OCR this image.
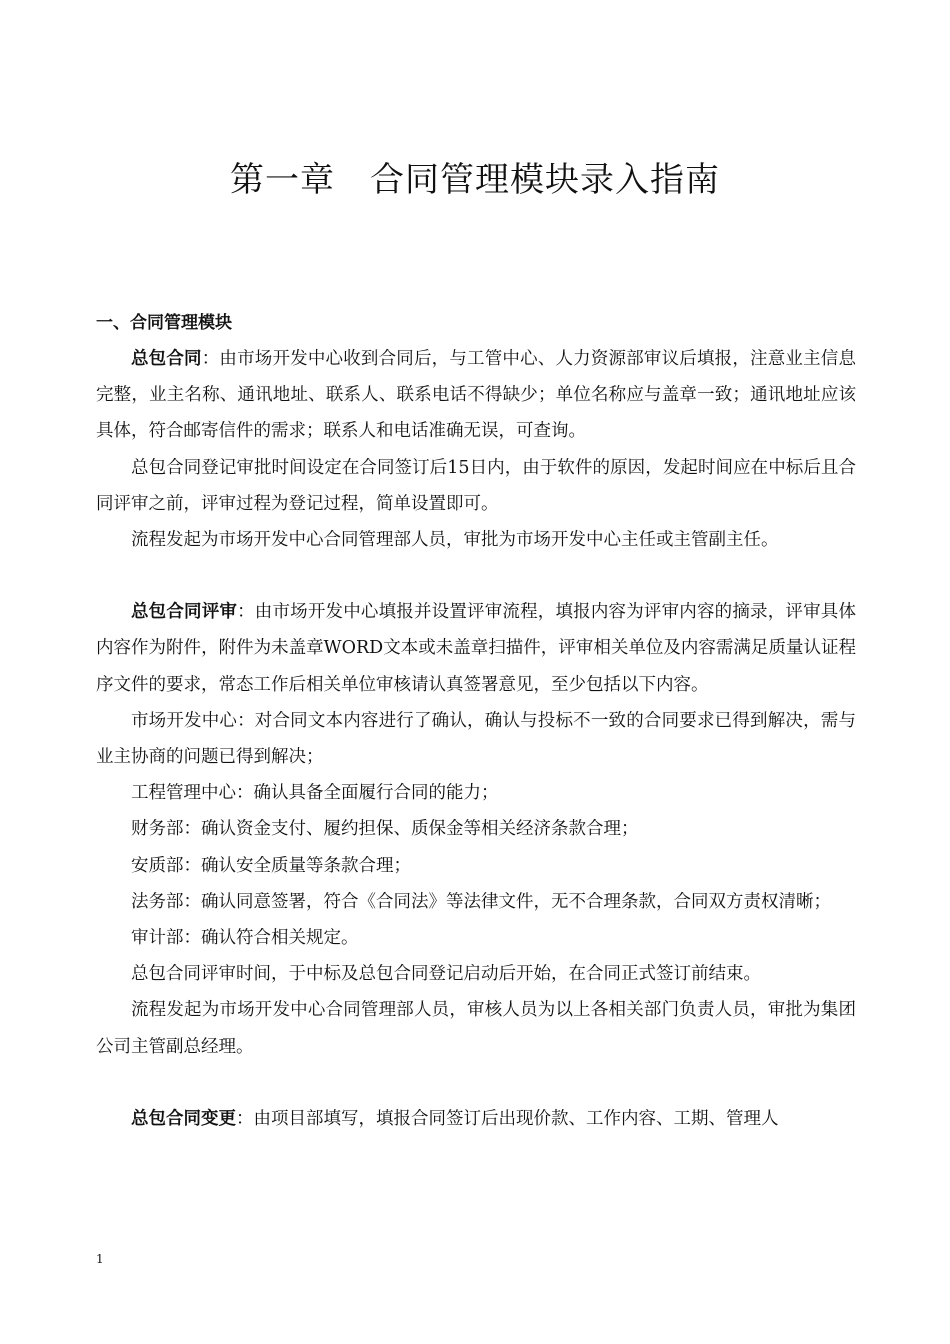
第一章　合同管理模块录入指南

一、合同管理模块

总包合同：由市场开发中心收到合同后，与工管中心、人力资源部审议后填报，注意业主信息完整，业主名称、通讯地址、联系人、联系电话不得缺少；单位名称应与盖章一致；通讯地址应该具体，符合邮寄信件的需求；联系人和电话准确无误，可查询。

总包合同登记审批时间设定在合同签订后15日内，由于软件的原因，发起时间应在中标后且合同评审之前，评审过程为登记过程，简单设置即可。

流程发起为市场开发中心合同管理部人员，审批为市场开发中心主任或主管副主任。

总包合同评审：由市场开发中心填报并设置评审流程，填报内容为评审内容的摘录，评审具体内容作为附件，附件为未盖章WORD文本或未盖章扫描件，评审相关单位及内容需满足质量认证程序文件的要求，常态工作后相关单位审核请认真签署意见，至少包括以下内容。

市场开发中心：对合同文本内容进行了确认，确认与投标不一致的合同要求已得到解决，需与业主协商的问题已得到解决；

工程管理中心：确认具备全面履行合同的能力；

财务部：确认资金支付、履约担保、质保金等相关经济条款合理；

安质部：确认安全质量等条款合理；

法务部：确认同意签署，符合《合同法》等法律文件，无不合理条款，合同双方责权清晰；

审计部：确认符合相关规定。

总包合同评审时间，于中标及总包合同登记启动后开始，在合同正式签订前结束。

流程发起为市场开发中心合同管理部人员，审核人员为以上各相关部门负责人员，审批为集团公司主管副总经理。

总包合同变更：由项目部填写，填报合同签订后出现价款、工作内容、工期、管理人

1
